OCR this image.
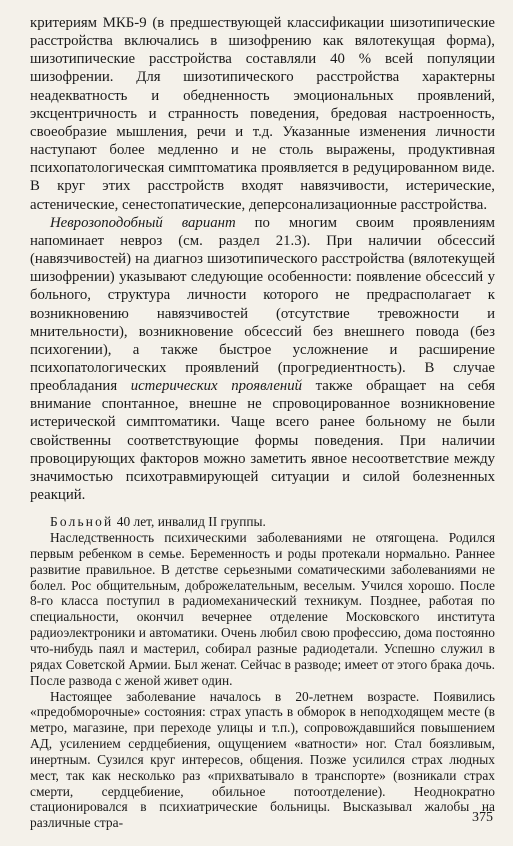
критериям МКБ-9 (в предшествующей классификации шизотипические расстройства включались в шизофрению как вялотекущая форма), шизотипические расстройства составляли 40 % всей популяции шизофрении. Для шизотипического расстройства характерны неадекватность и обедненность эмоциональных проявлений, эксцентричность и странность поведения, бредовая настроенность, своеобразие мышления, речи и т.д. Указанные изменения личности наступают более медленно и не столь выражены, продуктивная психопатологическая симптоматика проявляется в редуцированном виде. В круг этих расстройств входят навязчивости, истерические, астенические, сенестопатические, деперсонализационные расстройства.

Неврозоподобный вариант по многим своим проявлениям напоминает невроз (см. раздел 21.3). При наличии обсессий (навязчивостей) на диагноз шизотипического расстройства (вялотекущей шизофрении) указывают следующие особенности: появление обсессий у больного, структура личности которого не предрасполагает к возникновению навязчивостей (отсутствие тревожности и мнительности), возникновение обсессий без внешнего повода (без психогении), а также быстрое усложнение и расширение психопатологических проявлений (прогредиентность). В случае преобладания истерических проявлений также обращает на себя внимание спонтанное, внешне не спровоцированное возникновение истерической симптоматики. Чаще всего ранее больному не были свойственны соответствующие формы поведения. При наличии провоцирующих факторов можно заметить явное несоответствие между значимостью психотравмирующей ситуации и силой болезненных реакций.

Больной 40 лет, инвалид II группы.

Наследственность психическими заболеваниями не отягощена. Родился первым ребенком в семье. Беременность и роды протекали нормально. Раннее развитие правильное. В детстве серьезными соматическими заболеваниями не болел. Рос общительным, доброжелательным, веселым. Учился хорошо. После 8-го класса поступил в радиомеханический техникум. Позднее, работая по специальности, окончил вечернее отделение Московского института радиоэлектроники и автоматики. Очень любил свою профессию, дома постоянно что-нибудь паял и мастерил, собирал разные радиодетали. Успешно служил в рядах Советской Армии. Был женат. Сейчас в разводе; имеет от этого брака дочь. После развода с женой живет один.

Настоящее заболевание началось в 20-летнем возрасте. Появились «предобморочные» состояния: страх упасть в обморок в неподходящем месте (в метро, магазине, при переходе улицы и т.п.), сопровождавшийся повышением АД, усилением сердцебиения, ощущением «ватности» ног. Стал боязливым, инертным. Сузился круг интересов, общения. Позже усилился страх людных мест, так как несколько раз «прихватывало в транспорте» (возникали страх смерти, сердцебиение, обильное потоотделение). Неоднократно стационировался в психиатрические больницы. Высказывал жалобы на различные стра-	375
